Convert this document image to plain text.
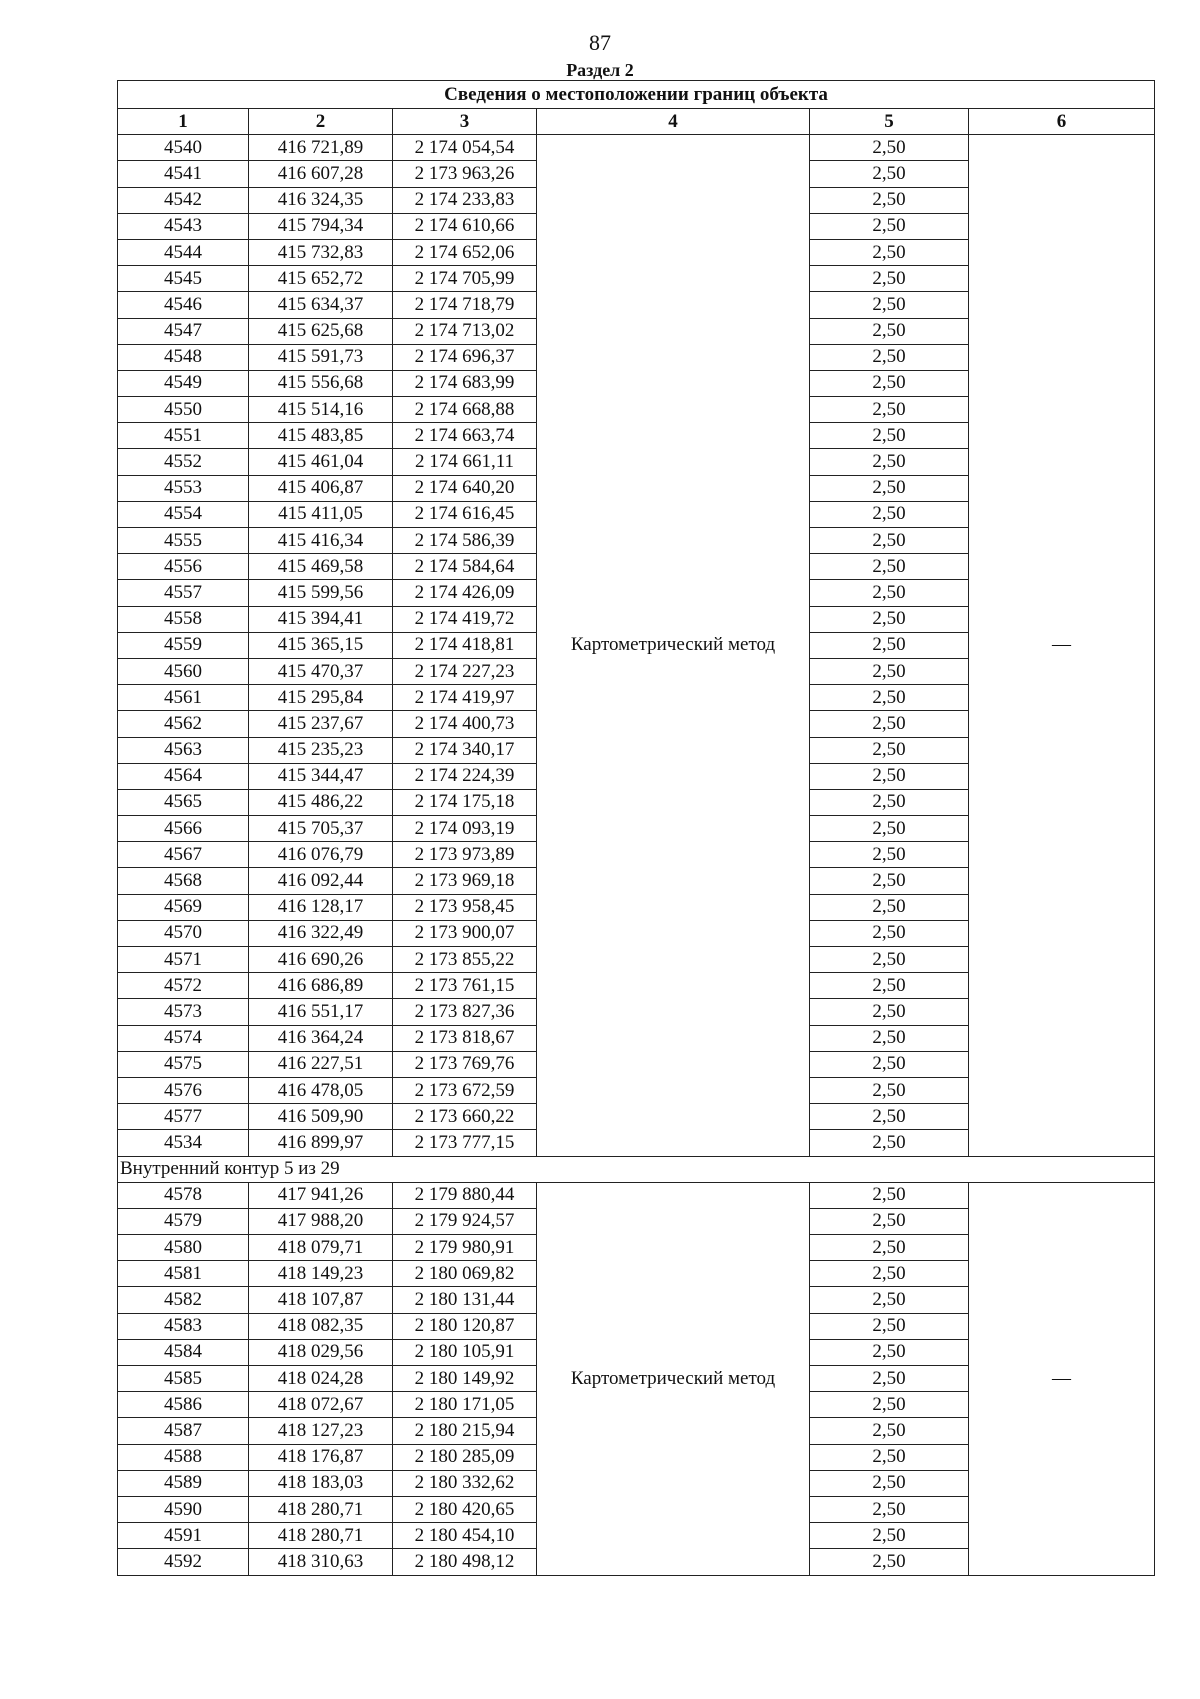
87
Раздел 2
Сведения о местоположении границ объекта					
1	2	3	4	5	6
4540	416 721,89	2 174 054,54	Картометрический метод	2,50	—
4541	416 607,28	2 173 963,26		2,50	
4542	416 324,35	2 174 233,83		2,50	
4543	415 794,34	2 174 610,66		2,50	
4544	415 732,83	2 174 652,06		2,50	
4545	415 652,72	2 174 705,99		2,50	
4546	415 634,37	2 174 718,79		2,50	
4547	415 625,68	2 174 713,02		2,50	
4548	415 591,73	2 174 696,37		2,50	
4549	415 556,68	2 174 683,99		2,50	
4550	415 514,16	2 174 668,88		2,50	
4551	415 483,85	2 174 663,74		2,50	
4552	415 461,04	2 174 661,11		2,50	
4553	415 406,87	2 174 640,20		2,50	
4554	415 411,05	2 174 616,45		2,50	
4555	415 416,34	2 174 586,39		2,50	
4556	415 469,58	2 174 584,64		2,50	
4557	415 599,56	2 174 426,09		2,50	
4558	415 394,41	2 174 419,72		2,50	
4559	415 365,15	2 174 418,81		2,50	
4560	415 470,37	2 174 227,23		2,50	
4561	415 295,84	2 174 419,97		2,50	
4562	415 237,67	2 174 400,73		2,50	
4563	415 235,23	2 174 340,17		2,50	
4564	415 344,47	2 174 224,39		2,50	
4565	415 486,22	2 174 175,18		2,50	
4566	415 705,37	2 174 093,19		2,50	
4567	416 076,79	2 173 973,89		2,50	
4568	416 092,44	2 173 969,18		2,50	
4569	416 128,17	2 173 958,45		2,50	
4570	416 322,49	2 173 900,07		2,50	
4571	416 690,26	2 173 855,22		2,50	
4572	416 686,89	2 173 761,15		2,50	
4573	416 551,17	2 173 827,36		2,50	
4574	416 364,24	2 173 818,67		2,50	
4575	416 227,51	2 173 769,76		2,50	
4576	416 478,05	2 173 672,59		2,50	
4577	416 509,90	2 173 660,22		2,50	
4534	416 899,97	2 173 777,15		2,50	
Внутренний контур 5 из 29					
4578	417 941,26	2 179 880,44	Картометрический метод	2,50	—
4579	417 988,20	2 179 924,57		2,50	
4580	418 079,71	2 179 980,91		2,50	
4581	418 149,23	2 180 069,82		2,50	
4582	418 107,87	2 180 131,44		2,50	
4583	418 082,35	2 180 120,87		2,50	
4584	418 029,56	2 180 105,91		2,50	
4585	418 024,28	2 180 149,92		2,50	
4586	418 072,67	2 180 171,05		2,50	
4587	418 127,23	2 180 215,94		2,50	
4588	418 176,87	2 180 285,09		2,50	
4589	418 183,03	2 180 332,62		2,50	
4590	418 280,71	2 180 420,65		2,50	
4591	418 280,71	2 180 454,10		2,50	
4592	418 310,63	2 180 498,12		2,50	
